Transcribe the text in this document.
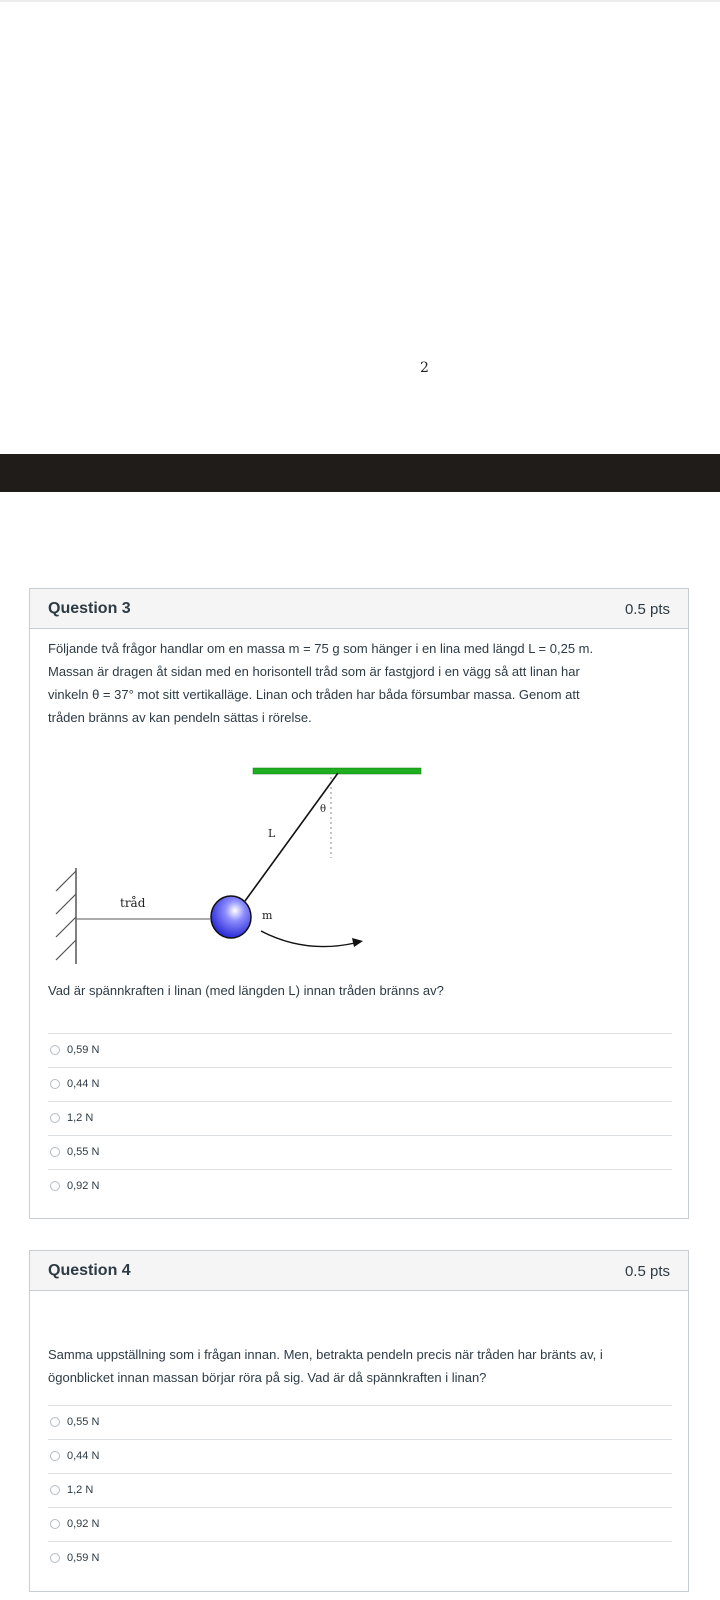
2
Question 3	0.5 pts
Följande två frågor handlar om en massa m = 75 g som hänger i en lina med längd L = 0,25 m.
Massan är dragen åt sidan med en horisontell tråd som är fastgjord i en vägg så att linan har
vinkeln θ = 37° mot sitt vertikalläge. Linan och tråden har båda försumbar massa. Genom att
tråden bränns av kan pendeln sättas i rörelse.
tråd
L
θ
m
Vad är spännkraften i linan (med längden L) innan tråden bränns av?
0,59 N
0,44 N
1,2 N
0,55 N
0,92 N
Question 4	0.5 pts
Samma uppställning som i frågan innan. Men, betrakta pendeln precis när tråden har bränts av, i
ögonblicket innan massan börjar röra på sig. Vad är då spännkraften i linan?
0,55 N
0,44 N
1,2 N
0,92 N
0,59 N
